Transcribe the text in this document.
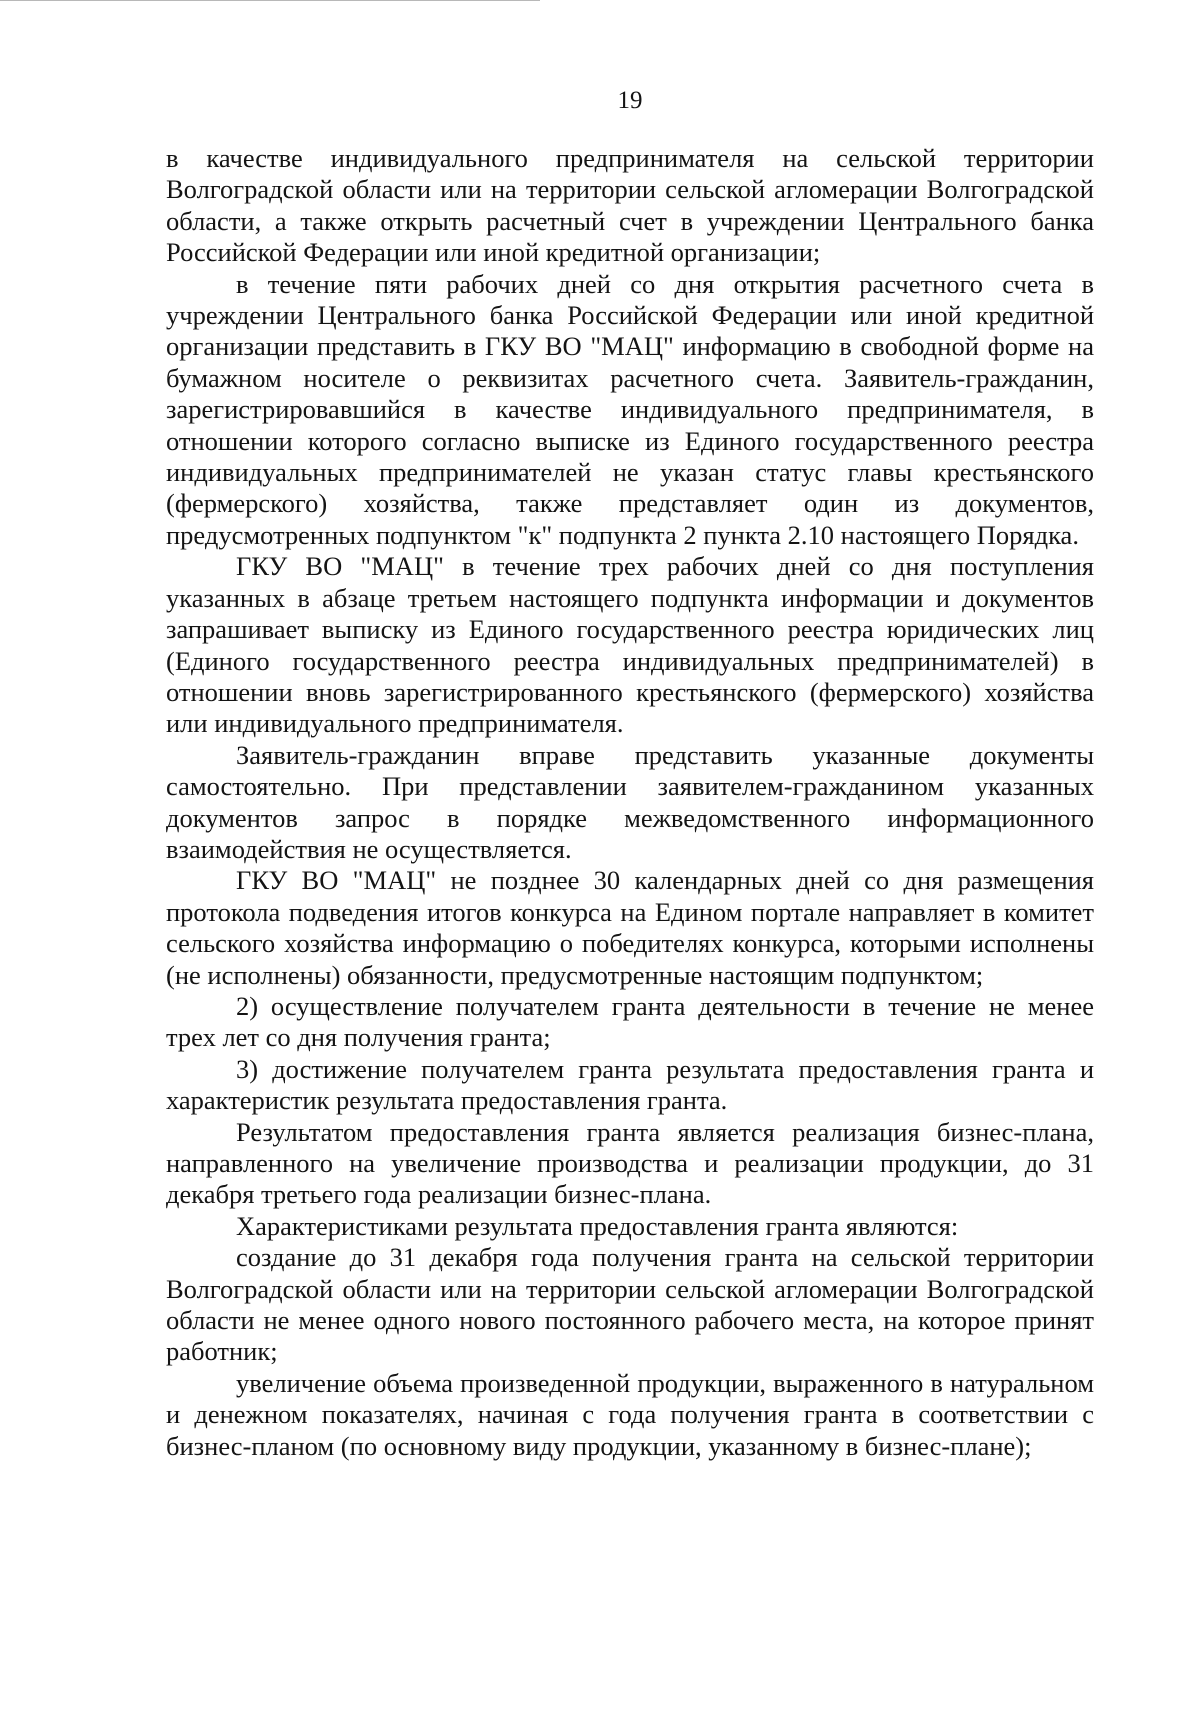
19

в качестве индивидуального предпринимателя на сельской территории Волгоградской области или на территории сельской агломерации Волгоградской области, а также открыть расчетный счет в учреждении Центрального банка Российской Федерации или иной кредитной организации;

в течение пяти рабочих дней со дня открытия расчетного счета в учреждении Центрального банка Российской Федерации или иной кредитной организации представить в ГКУ ВО "МАЦ" информацию в свободной форме на бумажном носителе о реквизитах расчетного счета. Заявитель-гражданин, зарегистрировавшийся в качестве индивидуального предпринимателя, в отношении которого согласно выписке из Единого государственного реестра индивидуальных предпринимателей не указан статус главы крестьянского (фермерского) хозяйства, также представляет один из документов, предусмотренных подпунктом "к" подпункта 2 пункта 2.10 настоящего Порядка.

ГКУ ВО "МАЦ" в течение трех рабочих дней со дня поступления указанных в абзаце третьем настоящего подпункта информации и документов запрашивает выписку из Единого государственного реестра юридических лиц (Единого государственного реестра индивидуальных предпринимателей) в отношении вновь зарегистрированного крестьянского (фермерского) хозяйства или индивидуального предпринимателя.

Заявитель-гражданин вправе представить указанные документы самостоятельно. При представлении заявителем-гражданином указанных документов запрос в порядке межведомственного информационного взаимодействия не осуществляется.

ГКУ ВО "МАЦ" не позднее 30 календарных дней со дня размещения протокола подведения итогов конкурса на Едином портале направляет в комитет сельского хозяйства информацию о победителях конкурса, которыми исполнены (не исполнены) обязанности, предусмотренные настоящим подпунктом;

2) осуществление получателем гранта деятельности в течение не менее трех лет со дня получения гранта;

3) достижение получателем гранта результата предоставления гранта и характеристик результата предоставления гранта.

Результатом предоставления гранта является реализация бизнес-плана, направленного на увеличение производства и реализации продукции, до 31 декабря третьего года реализации бизнес-плана.

Характеристиками результата предоставления гранта являются:

создание до 31 декабря года получения гранта на сельской территории Волгоградской области или на территории сельской агломерации Волгоградской области не менее одного нового постоянного рабочего места, на которое принят работник;

увеличение объема произведенной продукции, выраженного в натуральном и денежном показателях, начиная с года получения гранта в соответствии с бизнес-планом (по основному виду продукции, указанному в бизнес-плане);
